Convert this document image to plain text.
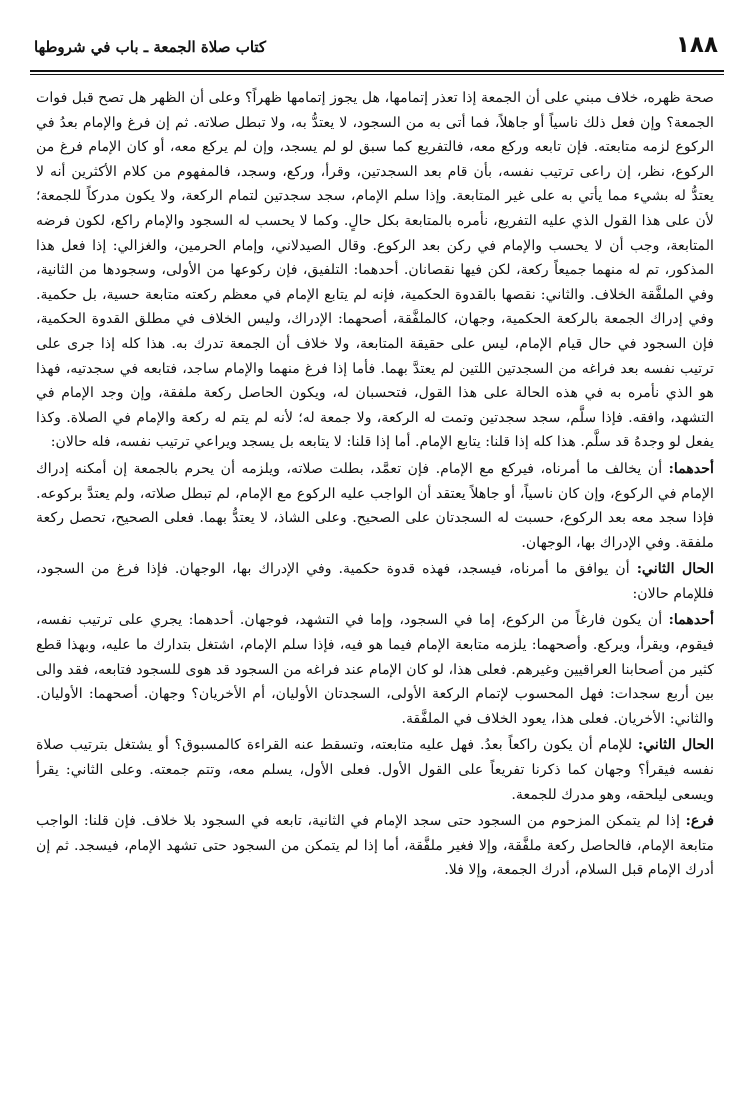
١٨٨
كتاب صلاة الجمعة ـ باب في شروطها

صحة ظهره، خلاف مبني على أن الجمعة إذا تعذر إتمامها، هل يجوز إتمامها ظهراً؟ وعلى أن الظهر هل تصح قبل فوات الجمعة؟ وإن فعل ذلك ناسياً أو جاهلاً، فما أتى به من السجود، لا يعتدُّ به، ولا تبطل صلاته. ثم إن فرغ والإمام بعدُ في الركوع لزمه متابعته. فإن تابعه وركع معه، فالتفريع كما سبق لو لم يسجد، وإن لم يركع معه، أو كان الإمام فرغ من الركوع، نظر، إن راعى ترتيب نفسه، بأن قام بعد السجدتين، وقرأ، وركع، وسجد، فالمفهوم من كلام الأكثرين أنه لا يعتدُّ له بشيء مما يأتي به على غير المتابعة. وإذا سلم الإمام، سجد سجدتين لتمام الركعة، ولا يكون مدركاً للجمعة؛ لأن على هذا القول الذي عليه التفريع، نأمره بالمتابعة بكل حالٍ. وكما لا يحسب له السجود والإمام راكع، لكون فرضه المتابعة، وجب أن لا يحسب والإمام في ركن بعد الركوع. وقال الصيدلاني، وإمام الحرمين، والغزالي: إذا فعل هذا المذكور، تم له منهما جميعاً ركعة، لكن فيها نقصانان. أحدهما: التلفيق، فإن ركوعها من الأولى، وسجودها من الثانية، وفي الملفَّقة الخلاف. والثاني: نقصها بالقدوة الحكمية، فإنه لم يتابع الإمام في معظم ركعته متابعة حسية، بل حكمية. وفي إدراك الجمعة بالركعة الحكمية، وجهان، كالملفَّقة، أصحهما: الإدراك، وليس الخلاف في مطلق القدوة الحكمية، فإن السجود في حال قيام الإمام، ليس على حقيقة المتابعة، ولا خلاف أن الجمعة تدرك به. هذا كله إذا جرى على ترتيب نفسه بعد فراغه من السجدتين اللتين لم يعتدَّ بهما. فأما إذا فرغ منهما والإمام ساجد، فتابعه في سجدتيه، فهذا هو الذي نأمره به في هذه الحالة على هذا القول، فتحسبان له، ويكون الحاصل ركعة ملفقة، وإن وجد الإمام في التشهد، وافقه. فإذا سلَّم، سجد سجدتين وتمت له الركعة، ولا جمعة له؛ لأنه لم يتم له ركعة والإمام في الصلاة. وكذا يفعل لو وجدهُ قد سلَّم. هذا كله إذا قلنا: يتابع الإمام. أما إذا قلنا: لا يتابعه بل يسجد ويراعي ترتيب نفسه، فله حالان:

أحدهما: أن يخالف ما أمرناه، فيركع مع الإمام. فإن تعمَّد، بطلت صلاته، ويلزمه أن يحرم بالجمعة إن أمكنه إدراك الإمام في الركوع، وإن كان ناسياً، أو جاهلاً يعتقد أن الواجب عليه الركوع مع الإمام، لم تبطل صلاته، ولم يعتدَّ بركوعه. فإذا سجد معه بعد الركوع، حسبت له السجدتان على الصحيح. وعلى الشاذ، لا يعتدُّ بهما. فعلى الصحيح، تحصل ركعة ملفقة. وفي الإدراك بها، الوجهان.

الحال الثاني: أن يوافق ما أمرناه، فيسجد، فهذه قدوة حكمية. وفي الإدراك بها، الوجهان. فإذا فرغ من السجود، فللإمام حالان:

أحدهما: أن يكون فارغاً من الركوع، إما في السجود، وإما في التشهد، فوجهان. أحدهما: يجري على ترتيب نفسه، فيقوم، ويقرأ، ويركع. وأصحهما: يلزمه متابعة الإمام فيما هو فيه، فإذا سلم الإمام، اشتغل بتدارك ما عليه، وبهذا قطع كثير من أصحابنا العراقيين وغيرهم. فعلى هذا، لو كان الإمام عند فراغه من السجود قد هوى للسجود فتابعه، فقد والى بين أربع سجدات: فهل المحسوب لإتمام الركعة الأولى، السجدتان الأوليان، أم الأخريان؟ وجهان. أصحهما: الأوليان. والثاني: الأخريان. فعلى هذا، يعود الخلاف في الملفَّقة.

الحال الثاني: للإمام أن يكون راكعاً بعدُ. فهل عليه متابعته، وتسقط عنه القراءة كالمسبوق؟ أو يشتغل بترتيب صلاة نفسه فيقرأ؟ وجهان كما ذكرنا تفريعاً على القول الأول. فعلى الأول، يسلم معه، وتتم جمعته. وعلى الثاني: يقرأ ويسعى ليلحقه، وهو مدرك للجمعة.

فرع: إذا لم يتمكن المزحوم من السجود حتى سجد الإمام في الثانية، تابعه في السجود بلا خلاف. فإن قلنا: الواجب متابعة الإمام، فالحاصل ركعة ملفَّقة، وإلا فغير ملفَّقة، أما إذا لم يتمكن من السجود حتى تشهد الإمام، فيسجد. ثم إن أدرك الإمام قبل السلام، أدرك الجمعة، وإلا فلا.
